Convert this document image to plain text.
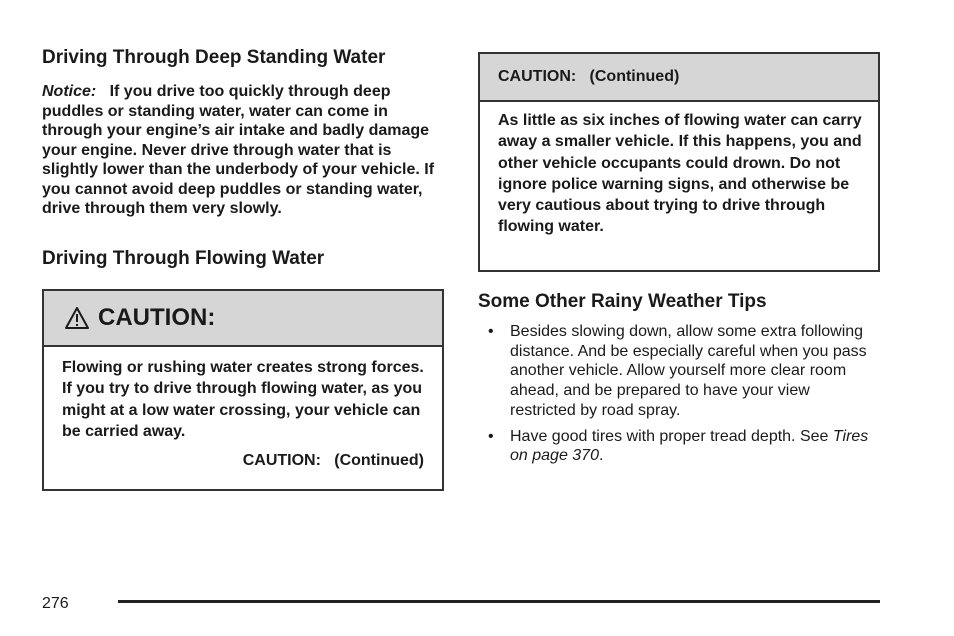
Driving Through Deep Standing Water
Notice: If you drive too quickly through deep puddles or standing water, water can come in through your engine’s air intake and badly damage your engine. Never drive through water that is slightly lower than the underbody of your vehicle. If you cannot avoid deep puddles or standing water, drive through them very slowly.
Driving Through Flowing Water
CAUTION:
Flowing or rushing water creates strong forces. If you try to drive through flowing water, as you might at a low water crossing, your vehicle can be carried away.
CAUTION:   (Continued)
CAUTION:   (Continued)
As little as six inches of flowing water can carry away a smaller vehicle. If this happens, you and other vehicle occupants could drown. Do not ignore police warning signs, and otherwise be very cautious about trying to drive through flowing water.
Some Other Rainy Weather Tips
• Besides slowing down, allow some extra following distance. And be especially careful when you pass another vehicle. Allow yourself more clear room ahead, and be prepared to have your view restricted by road spray.
• Have good tires with proper tread depth. See Tires on page 370.
276
